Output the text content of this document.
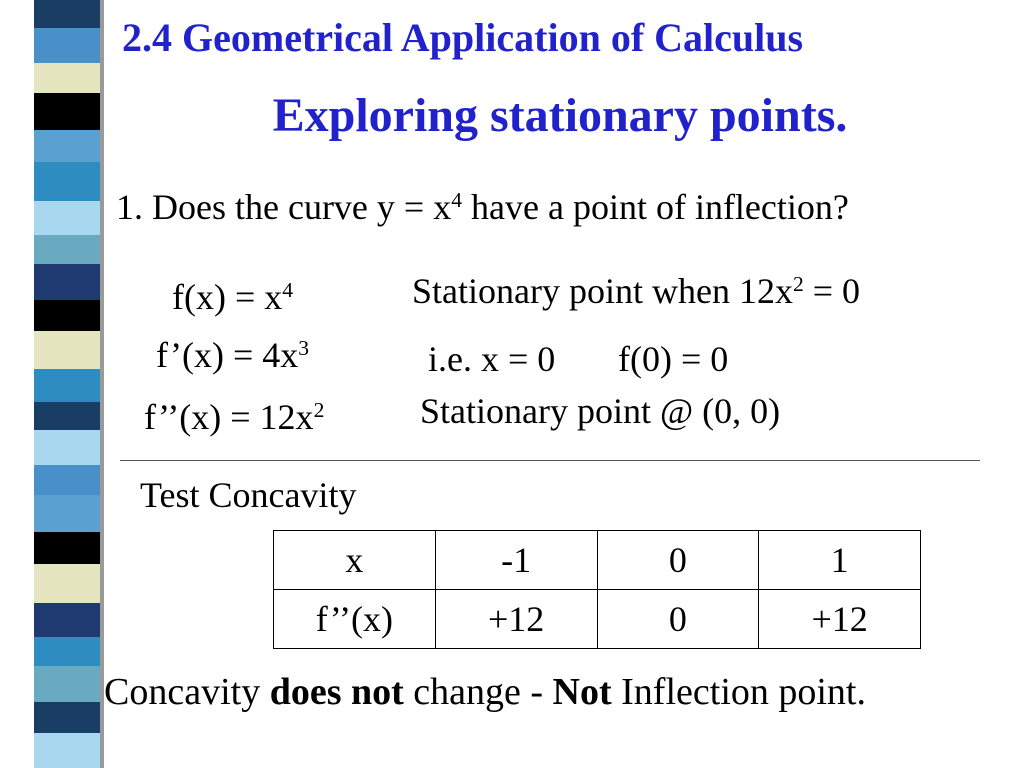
2.4 Geometrical Application of Calculus
Exploring stationary points.
1. Does the curve $y = x^4$ have a point of inflection?
$f(x) = x^4$
f’(x) = $4x^3$
f’’(x) = $12x^2$
Stationary point when $12x^2 = 0$
i.e. x = 0 f(0) = 0
Stationary point @ (0, 0)
Test Concavity
x	-1	0	1
f’’(x)	+12	0	+12
Concavity does not change - Not Inflection point.
